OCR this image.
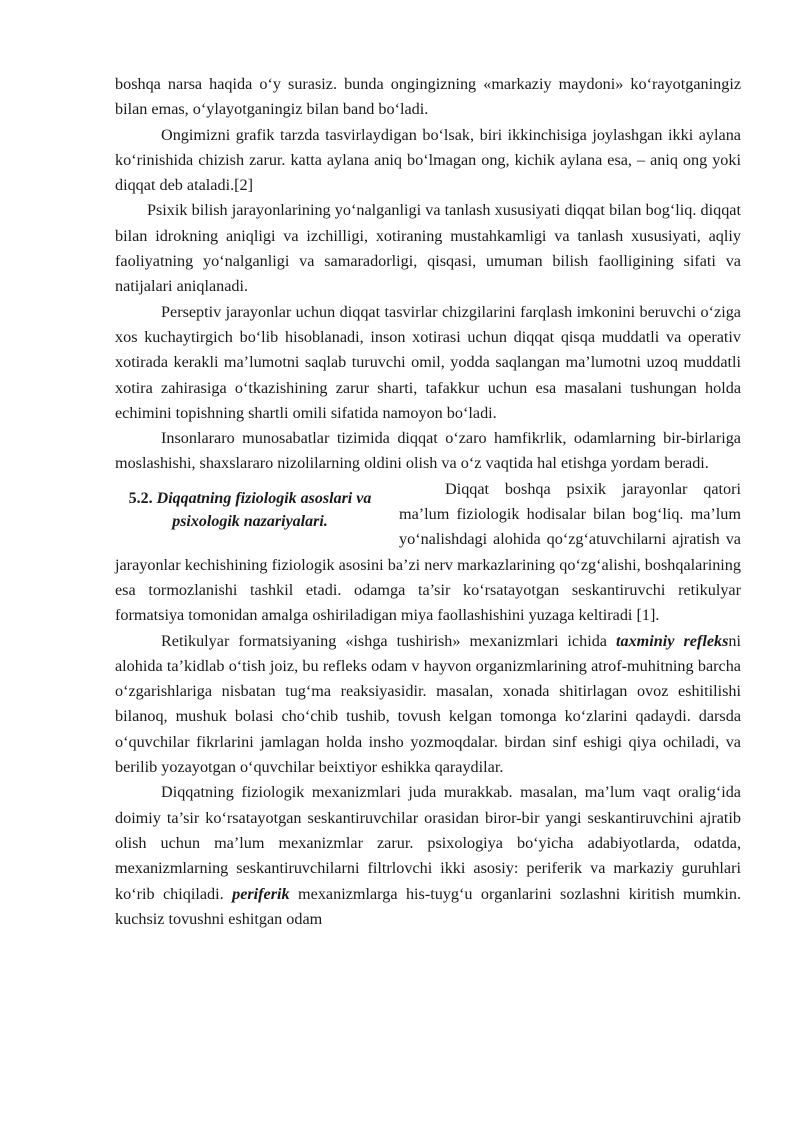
boshqa narsa haqida o‘y surasiz. bunda ongingizning «markaziy maydoni» ko‘rayotganingiz bilan emas, o‘ylayotganingiz bilan band bo‘ladi.

Ongimizni grafik tarzda tasvirlaydigan bo‘lsak, biri ikkinchisiga joylashgan ikki aylana ko‘rinishida chizish zarur. katta aylana aniq bo‘lmagan ong, kichik aylana esa, – aniq ong yoki diqqat deb ataladi.[2]

Psixik bilish jarayonlarining yo‘nalganligi va tanlash xususiyati diqqat bilan bog‘liq. diqqat bilan idrokning aniqligi va izchilligi, xotiraning mustahkamligi va tanlash xususiyati, aqliy faoliyatning yo‘nalganligi va samaradorligi, qisqasi, umuman bilish faolligining sifati va natijalari aniqlanadi.

Perseptiv jarayonlar uchun diqqat tasvirlar chizgilarini farqlash imkonini beruvchi o‘ziga xos kuchaytirgich bo‘lib hisoblanadi, inson xotirasi uchun diqqat qisqa muddatli va operativ xotirada kerakli ma’lumotni saqlab turuvchi omil, yodda saqlangan ma’lumotni uzoq muddatli xotira zahirasiga o‘tkazishining zarur sharti, tafakkur uchun esa masalani tushungan holda echimini topishning shartli omili sifatida namoyon bo‘ladi.

Insonlararo munosabatlar tizimida diqqat o‘zaro hamfikrlik, odamlarning bir-birlariga moslashishi, shaxslararo nizolilarning oldini olish va o‘z vaqtida hal etishga yordam beradi.

5.2. Diqqatning fiziologik asoslari va psixologik nazariyalari.

Diqqat boshqa psixik jarayonlar qatori ma’lum fiziologik hodisalar bilan bog‘liq. ma’lum yo‘nalishdagi alohida qo‘zg‘atuvchilarni ajratish va jarayonlar kechishining fiziologik asosini ba’zi nerv markazlarining qo‘zg‘alishi, boshqalarining esa tormozlanishi tashkil etadi. odamga ta’sir ko‘rsatayotgan seskantiruvchi retikulyar formatsiya tomonidan amalga oshiriladigan miya faollashishini yuzaga keltiradi [1].

Retikulyar formatsiyaning «ishga tushirish» mexanizmlari ichida taxminiy refleksni alohida ta’kidlab o‘tish joiz, bu refleks odam v hayvon organizmlarining atrof-muhitning barcha o‘zgarishlariga nisbatan tug‘ma reaksiyasidir. masalan, xonada shitirlagan ovoz eshitilishi bilanoq, mushuk bolasi cho‘chib tushib, tovush kelgan tomonga ko‘zlarini qadaydi. darsda o‘quvchilar fikrlarini jamlagan holda insho yozmoqdalar. birdan sinf eshigi qiya ochiladi, va berilib yozayotgan o‘quvchilar beixtiyor eshikka qaraydilar.

Diqqatning fiziologik mexanizmlari juda murakkab. masalan, ma’lum vaqt oralig‘ida doimiy ta’sir ko‘rsatayotgan seskantiruvchilar orasidan biror-bir yangi seskantiruvchini ajratib olish uchun ma’lum mexanizmlar zarur. psixologiya bo‘yicha adabiyotlarda, odatda, mexanizmlarning seskantiruvchilarni filtrlovchi ikki asosiy: periferik va markaziy guruhlari ko‘rib chiqiladi. periferik mexanizmlarga his-tuyg‘u organlarini sozlashni kiritish mumkin. kuchsiz tovushni eshitgan odam
